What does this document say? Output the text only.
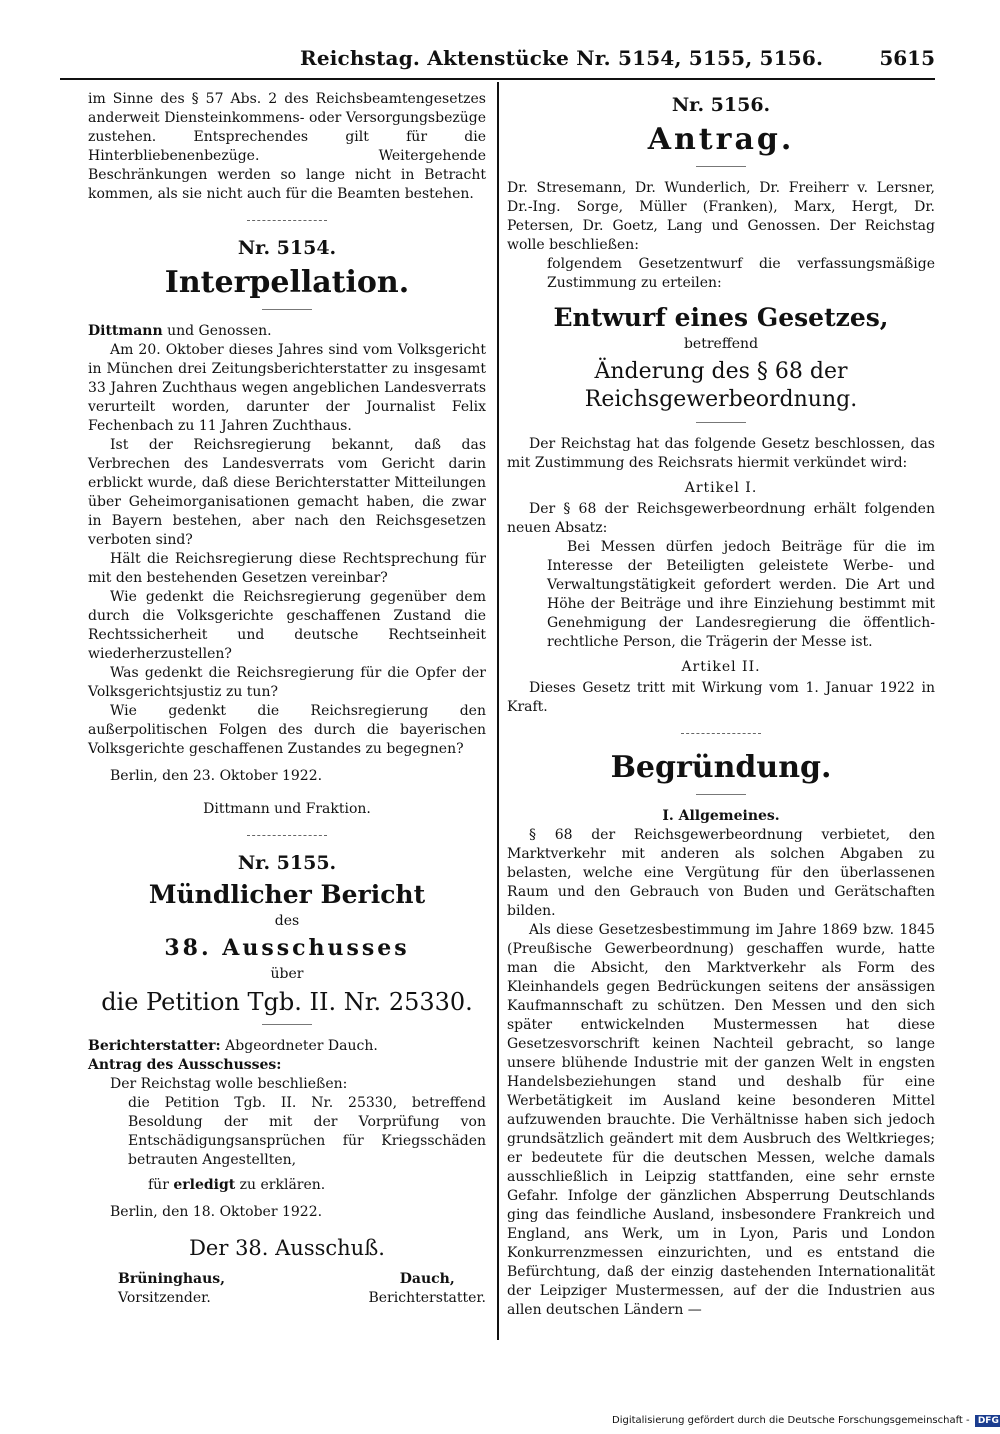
Reichstag. Aktenstücke Nr. 5154, 5155, 5156.	5615

im Sinne des § 57 Abs. 2 des Reichsbeamtengesetzes anderweit Diensteinkommens- oder Versorgungsbezüge zustehen. Entsprechendes gilt für die Hinterbliebenenbezüge. Weitergehende Beschränkungen werden so lange nicht in Betracht kommen, als sie nicht auch für die Beamten bestehen.

Nr. 5154.
Interpellation.

Dittmann und Genossen.

Am 20. Oktober dieses Jahres sind vom Volksgericht in München drei Zeitungsberichterstatter zu insgesamt 33 Jahren Zuchthaus wegen angeblichen Landesverrats verurteilt worden, darunter der Journalist Felix Fechenbach zu 11 Jahren Zuchthaus.

Ist der Reichsregierung bekannt, daß das Verbrechen des Landesverrats vom Gericht darin erblickt wurde, daß diese Berichterstatter Mitteilungen über Geheimorganisationen gemacht haben, die zwar in Bayern bestehen, aber nach den Reichsgesetzen verboten sind?

Hält die Reichsregierung diese Rechtsprechung für mit den bestehenden Gesetzen vereinbar?

Wie gedenkt die Reichsregierung gegenüber dem durch die Volksgerichte geschaffenen Zustand die Rechtssicherheit und deutsche Rechtseinheit wiederherzustellen?

Was gedenkt die Reichsregierung für die Opfer der Volksgerichtsjustiz zu tun?

Wie gedenkt die Reichsregierung den außerpolitischen Folgen des durch die bayerischen Volksgerichte geschaffenen Zustandes zu begegnen?

Berlin, den 23. Oktober 1922.

Dittmann und Fraktion.
Nr. 5155.
Mündlicher Bericht
des
38. Ausschusses
über
die Petition Tgb. II. Nr. 25330.

Berichterstatter: Abgeordneter Dauch.

Antrag des Ausschusses:

Der Reichstag wolle beschließen:

die Petition Tgb. II. Nr. 25330, betreffend Besoldung der mit der Vorprüfung von Entschädigungsansprüchen für Kriegsschäden betrauten Angestellten,

für erledigt zu erklären.

Berlin, den 18. Oktober 1922.

Der 38. Ausschuß.
Brüninghaus,
Vorsitzender.
Dauch,
Berichterstatter.
Nr. 5156.
Antrag.

Dr. Stresemann, Dr. Wunderlich, Dr. Freiherr v. Lersner, Dr.-Ing. Sorge, Müller (Franken), Marx, Hergt, Dr. Petersen, Dr. Goetz, Lang und Genossen. Der Reichstag wolle beschließen:

folgendem Gesetzentwurf die verfassungsmäßige Zustimmung zu erteilen:

Entwurf eines Gesetzes,
betreffend
Änderung des § 68 der Reichsgewerbeordnung.

Der Reichstag hat das folgende Gesetz beschlossen, das mit Zustimmung des Reichsrats hiermit verkündet wird:

Artikel I.

Der § 68 der Reichsgewerbeordnung erhält folgenden neuen Absatz:

Bei Messen dürfen jedoch Beiträge für die im Interesse der Beteiligten geleistete Werbe- und Verwaltungstätigkeit gefordert werden. Die Art und Höhe der Beiträge und ihre Einziehung bestimmt mit Genehmigung der Landesregierung die öffentlich-rechtliche Person, die Trägerin der Messe ist.

Artikel II.

Dieses Gesetz tritt mit Wirkung vom 1. Januar 1922 in Kraft.

Begründung.
I. Allgemeines.

§ 68 der Reichsgewerbeordnung verbietet, den Marktverkehr mit anderen als solchen Abgaben zu belasten, welche eine Vergütung für den überlassenen Raum und den Gebrauch von Buden und Gerätschaften bilden.

Als diese Gesetzesbestimmung im Jahre 1869 bzw. 1845 (Preußische Gewerbeordnung) geschaffen wurde, hatte man die Absicht, den Marktverkehr als Form des Kleinhandels gegen Bedrückungen seitens der ansässigen Kaufmannschaft zu schützen. Den Messen und den sich später entwickelnden Mustermessen hat diese Gesetzesvorschrift keinen Nachteil gebracht, so lange unsere blühende Industrie mit der ganzen Welt in engsten Handelsbeziehungen stand und deshalb für eine Werbetätigkeit im Ausland keine besonderen Mittel aufzuwenden brauchte. Die Verhältnisse haben sich jedoch grundsätzlich geändert mit dem Ausbruch des Weltkrieges; er bedeutete für die deutschen Messen, welche damals ausschließlich in Leipzig stattfanden, eine sehr ernste Gefahr. Infolge der gänzlichen Absperrung Deutschlands ging das feindliche Ausland, insbesondere Frankreich und England, ans Werk, um in Lyon, Paris und London Konkurrenzmessen einzurichten, und es entstand die Befürchtung, daß der einzig dastehenden Internationalität der Leipziger Mustermessen, auf der die Industrien aus allen deutschen Ländern —

Digitalisierung gefördert durch die Deutsche Forschungsgemeinschaft - DFG
